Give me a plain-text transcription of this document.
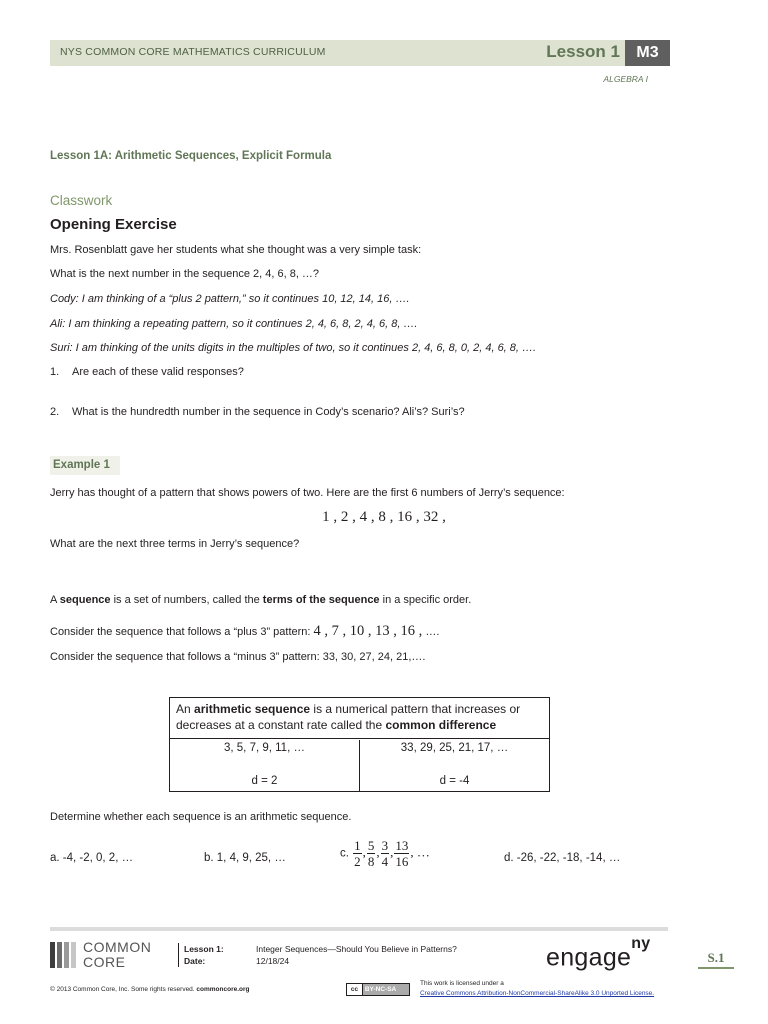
NYS COMMON CORE MATHEMATICS CURRICULUM	Lesson 1	M3
ALGEBRA I
Lesson 1A: Arithmetic Sequences, Explicit Formula
Classwork
Opening Exercise
Mrs. Rosenblatt gave her students what she thought was a very simple task:
What is the next number in the sequence 2, 4, 6, 8, …?
Cody: I am thinking of a “plus 2 pattern,” so it continues 10, 12, 14, 16, ….
Ali: I am thinking a repeating pattern, so it continues 2, 4, 6, 8, 2, 4, 6, 8, ….
Suri: I am thinking of the units digits in the multiples of two, so it continues 2, 4, 6, 8, 0, 2, 4, 6, 8, ….
1. Are each of these valid responses?
2. What is the hundredth number in the sequence in Cody’s scenario? Ali’s? Suri’s?
Example 1
Jerry has thought of a pattern that shows powers of two. Here are the first 6 numbers of Jerry’s sequence:
1 , 2 , 4 , 8 , 16 , 32 ,
What are the next three terms in Jerry’s sequence?
A sequence is a set of numbers, called the terms of the sequence in a specific order.
Consider the sequence that follows a “plus 3” pattern: 4 , 7 , 10 , 13 , 16 , ….
Consider the sequence that follows a “minus 3” pattern: 33, 30, 27, 24, 21,….
An arithmetic sequence is a numerical pattern that increases or decreases at a constant rate called the common difference
3, 5, 7, 9, 11, …
d = 2
33, 29, 25, 21, 17, …
d = -4
Determine whether each sequence is an arithmetic sequence.
a. -4, -2, 0, 2, …	b. 1, 4, 9, 25, …	c. $\frac{1}{2}$ , $\frac{5}{8}$ , $\frac{3}{4}$ , $\frac{13}{16}$ , …	d. -26, -22, -18, -14, …
COMMON
CORE
Lesson 1:	Integer Sequences—Should You Believe in Patterns?
Date:	12/18/24	engage$^{ny}$
S.1
© 2013 Common Core, Inc. Some rights reserved. commoncore.org	cc BY-NC-SA
This work is licensed under a
Creative Commons Attribution-NonCommercial-ShareAlike 3.0 Unported License.
